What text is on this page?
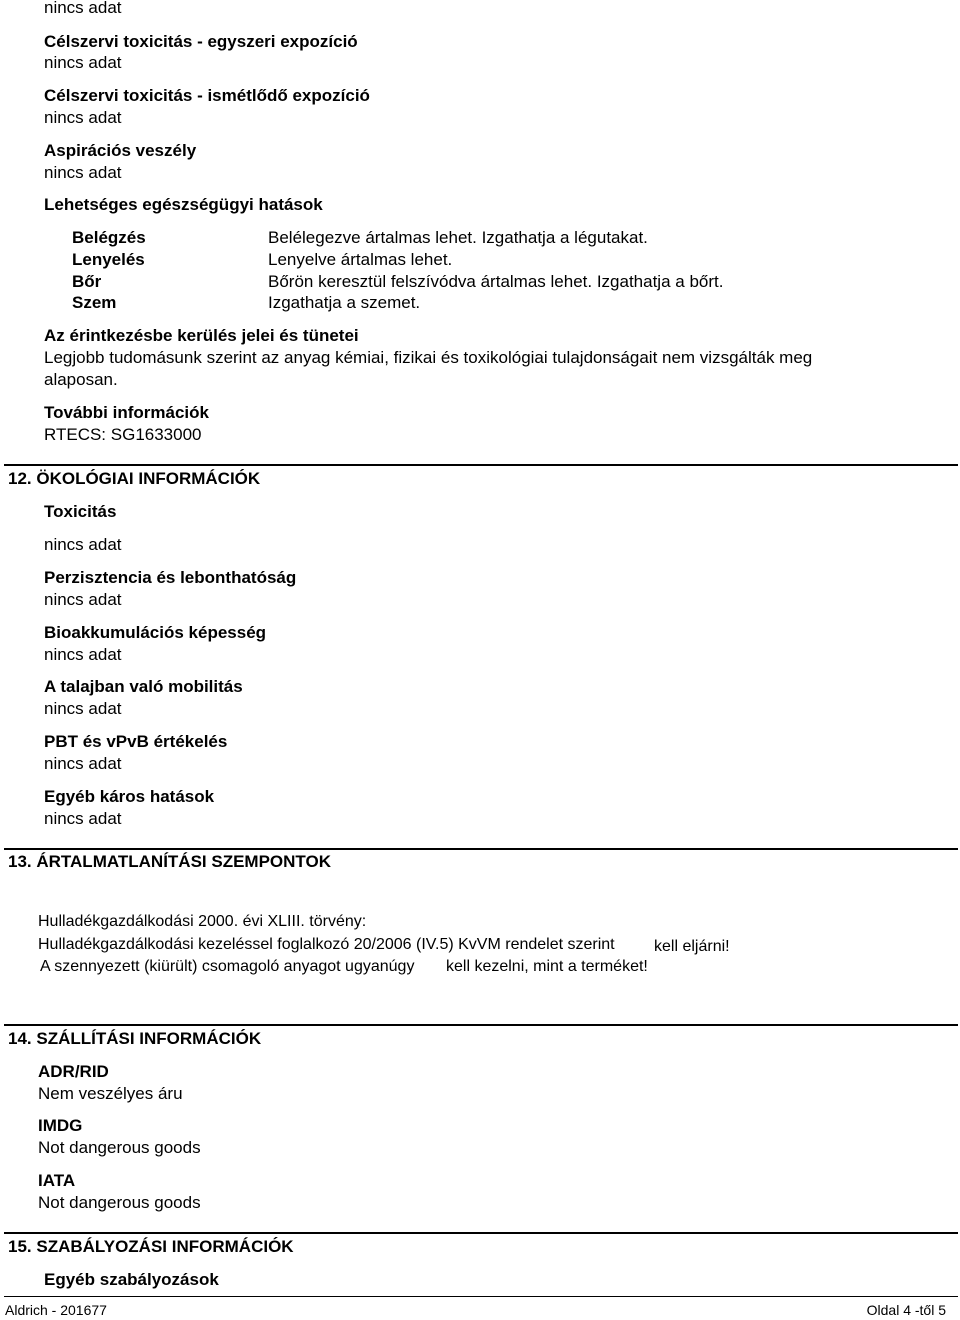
nincs adat
Célszervi toxicitás - egyszeri expozíció
nincs adat
Célszervi toxicitás - ismétlődő expozíció
nincs adat
Aspirációs veszély
nincs adat
Lehetséges egészségügyi hatások
Belégzés	Belélegezve ártalmas lehet. Izgathatja a légutakat.
Lenyelés	Lenyelve ártalmas lehet.
Bőr	Bőrön keresztül felszívódva ártalmas lehet. Izgathatja a bőrt.
Szem	Izgathatja a szemet.
Az érintkezésbe kerülés jelei és tünetei
Legjobb tudomásunk szerint az anyag kémiai, fizikai és toxikológiai tulajdonságait nem vizsgálták meg
alaposan.
További információk
RTECS: SG1633000
12. ÖKOLÓGIAI INFORMÁCIÓK
Toxicitás
nincs adat
Perzisztencia és lebonthatóság
nincs adat
Bioakkumulációs képesség
nincs adat
A talajban való mobilitás
nincs adat
PBT és vPvB értékelés
nincs adat
Egyéb káros hatások
nincs adat
13. ÁRTALMATLANÍTÁSI SZEMPONTOK
Hulladékgazdálkodási 2000. évi XLIII. törvény:
Hulladékgazdálkodási kezeléssel foglalkozó 20/2006 (IV.5) KvVM rendelet szerint kell eljárni!
A szennyezett (kiürült) csomagoló anyagot ugyanúgy kell kezelni, mint a terméket!
14. SZÁLLÍTÁSI INFORMÁCIÓK
ADR/RID
Nem veszélyes áru
IMDG
Not dangerous goods
IATA
Not dangerous goods
15. SZABÁLYOZÁSI INFORMÁCIÓK
Egyéb szabályozások
Aldrich - 201677	Oldal 4 -től 5
